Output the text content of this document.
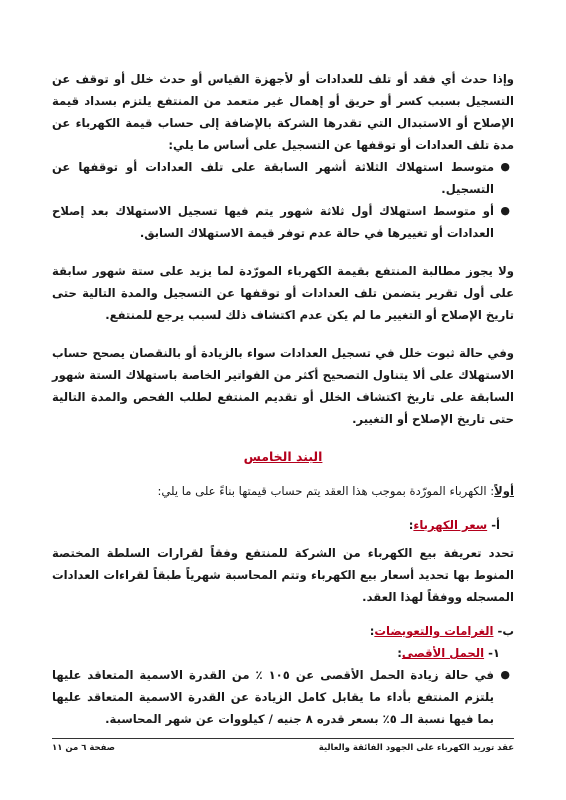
وإذا حدث أي فقد أو تلف للعدادات أو لأجهزة القياس أو حدث خلل أو توقف عن التسجيل بسبب كسر أو حريق أو إهمال غير متعمد من المنتفع يلتزم بسداد قيمة الإصلاح أو الاستبدال التي تقدرها الشركة بالإضافة إلى حساب قيمة الكهرباء عن مدة تلف العدادات أو توقفها عن التسجيل على أساس ما يلي:

●
متوسط استهلاك الثلاثة أشهر السابقة على تلف العدادات أو توقفها عن التسجيل.
●
أو متوسط استهلاك أول ثلاثة شهور يتم فيها تسجيل الاستهلاك بعد إصلاح العدادات أو تغييرها في حالة عدم توفر قيمة الاستهلاك السابق.

ولا يجوز مطالبة المنتفع بقيمة الكهرباء المورّدة لما يزيد على ستة شهور سابقة على أول تقرير يتضمن تلف العدادات أو توقفها عن التسجيل والمدة التالية حتى تاريخ الإصلاح أو التغيير ما لم يكن عدم اكتشاف ذلك لسبب يرجع للمنتفع.

وفي حالة ثبوت خلل في تسجيل العدادات سواء بالزيادة أو بالنقصان يصحح حساب الاستهلاك على ألا يتناول التصحيح أكثر من الفواتير الخاصة باستهلاك الستة شهور السابقة على تاريخ اكتشاف الخلل أو تقديم المنتفع لطلب الفحص والمدة التالية حتى تاريخ الإصلاح أو التغيير.

البند الخامس

أولاً: الكهرباء المورّدة بموجب هذا العقد يتم حساب قيمتها بناءً على ما يلي:

أ- سعر الكهرباء:

تحدد تعريفة بيع الكهرباء من الشركة للمنتفع وفقاً لقرارات السلطة المختصة المنوط بها تحديد أسعار بيع الكهرباء وتتم المحاسبة شهرياً طبقاً لقراءات العدادات المسجله ووفقاً لهذا العقد.

ب- الغرامات والتعويضات:

١- الحمل الأقصى:

●
في حالة زيادة الحمل الأقصى عن ١٠٥ ٪ من القدرة الاسمية المتعاقد عليها يلتزم المنتفع بأداء ما يقابل كامل الزيادة عن القدرة الاسمية المتعاقد عليها بما فيها نسبة الـ ٥٪ بسعر قدره ٨ جنيه / كيلووات عن شهر المحاسبة.
عقد توريد الكهرباء على الجهود الفائقة والعالية
صفحة ٦ من ١١
